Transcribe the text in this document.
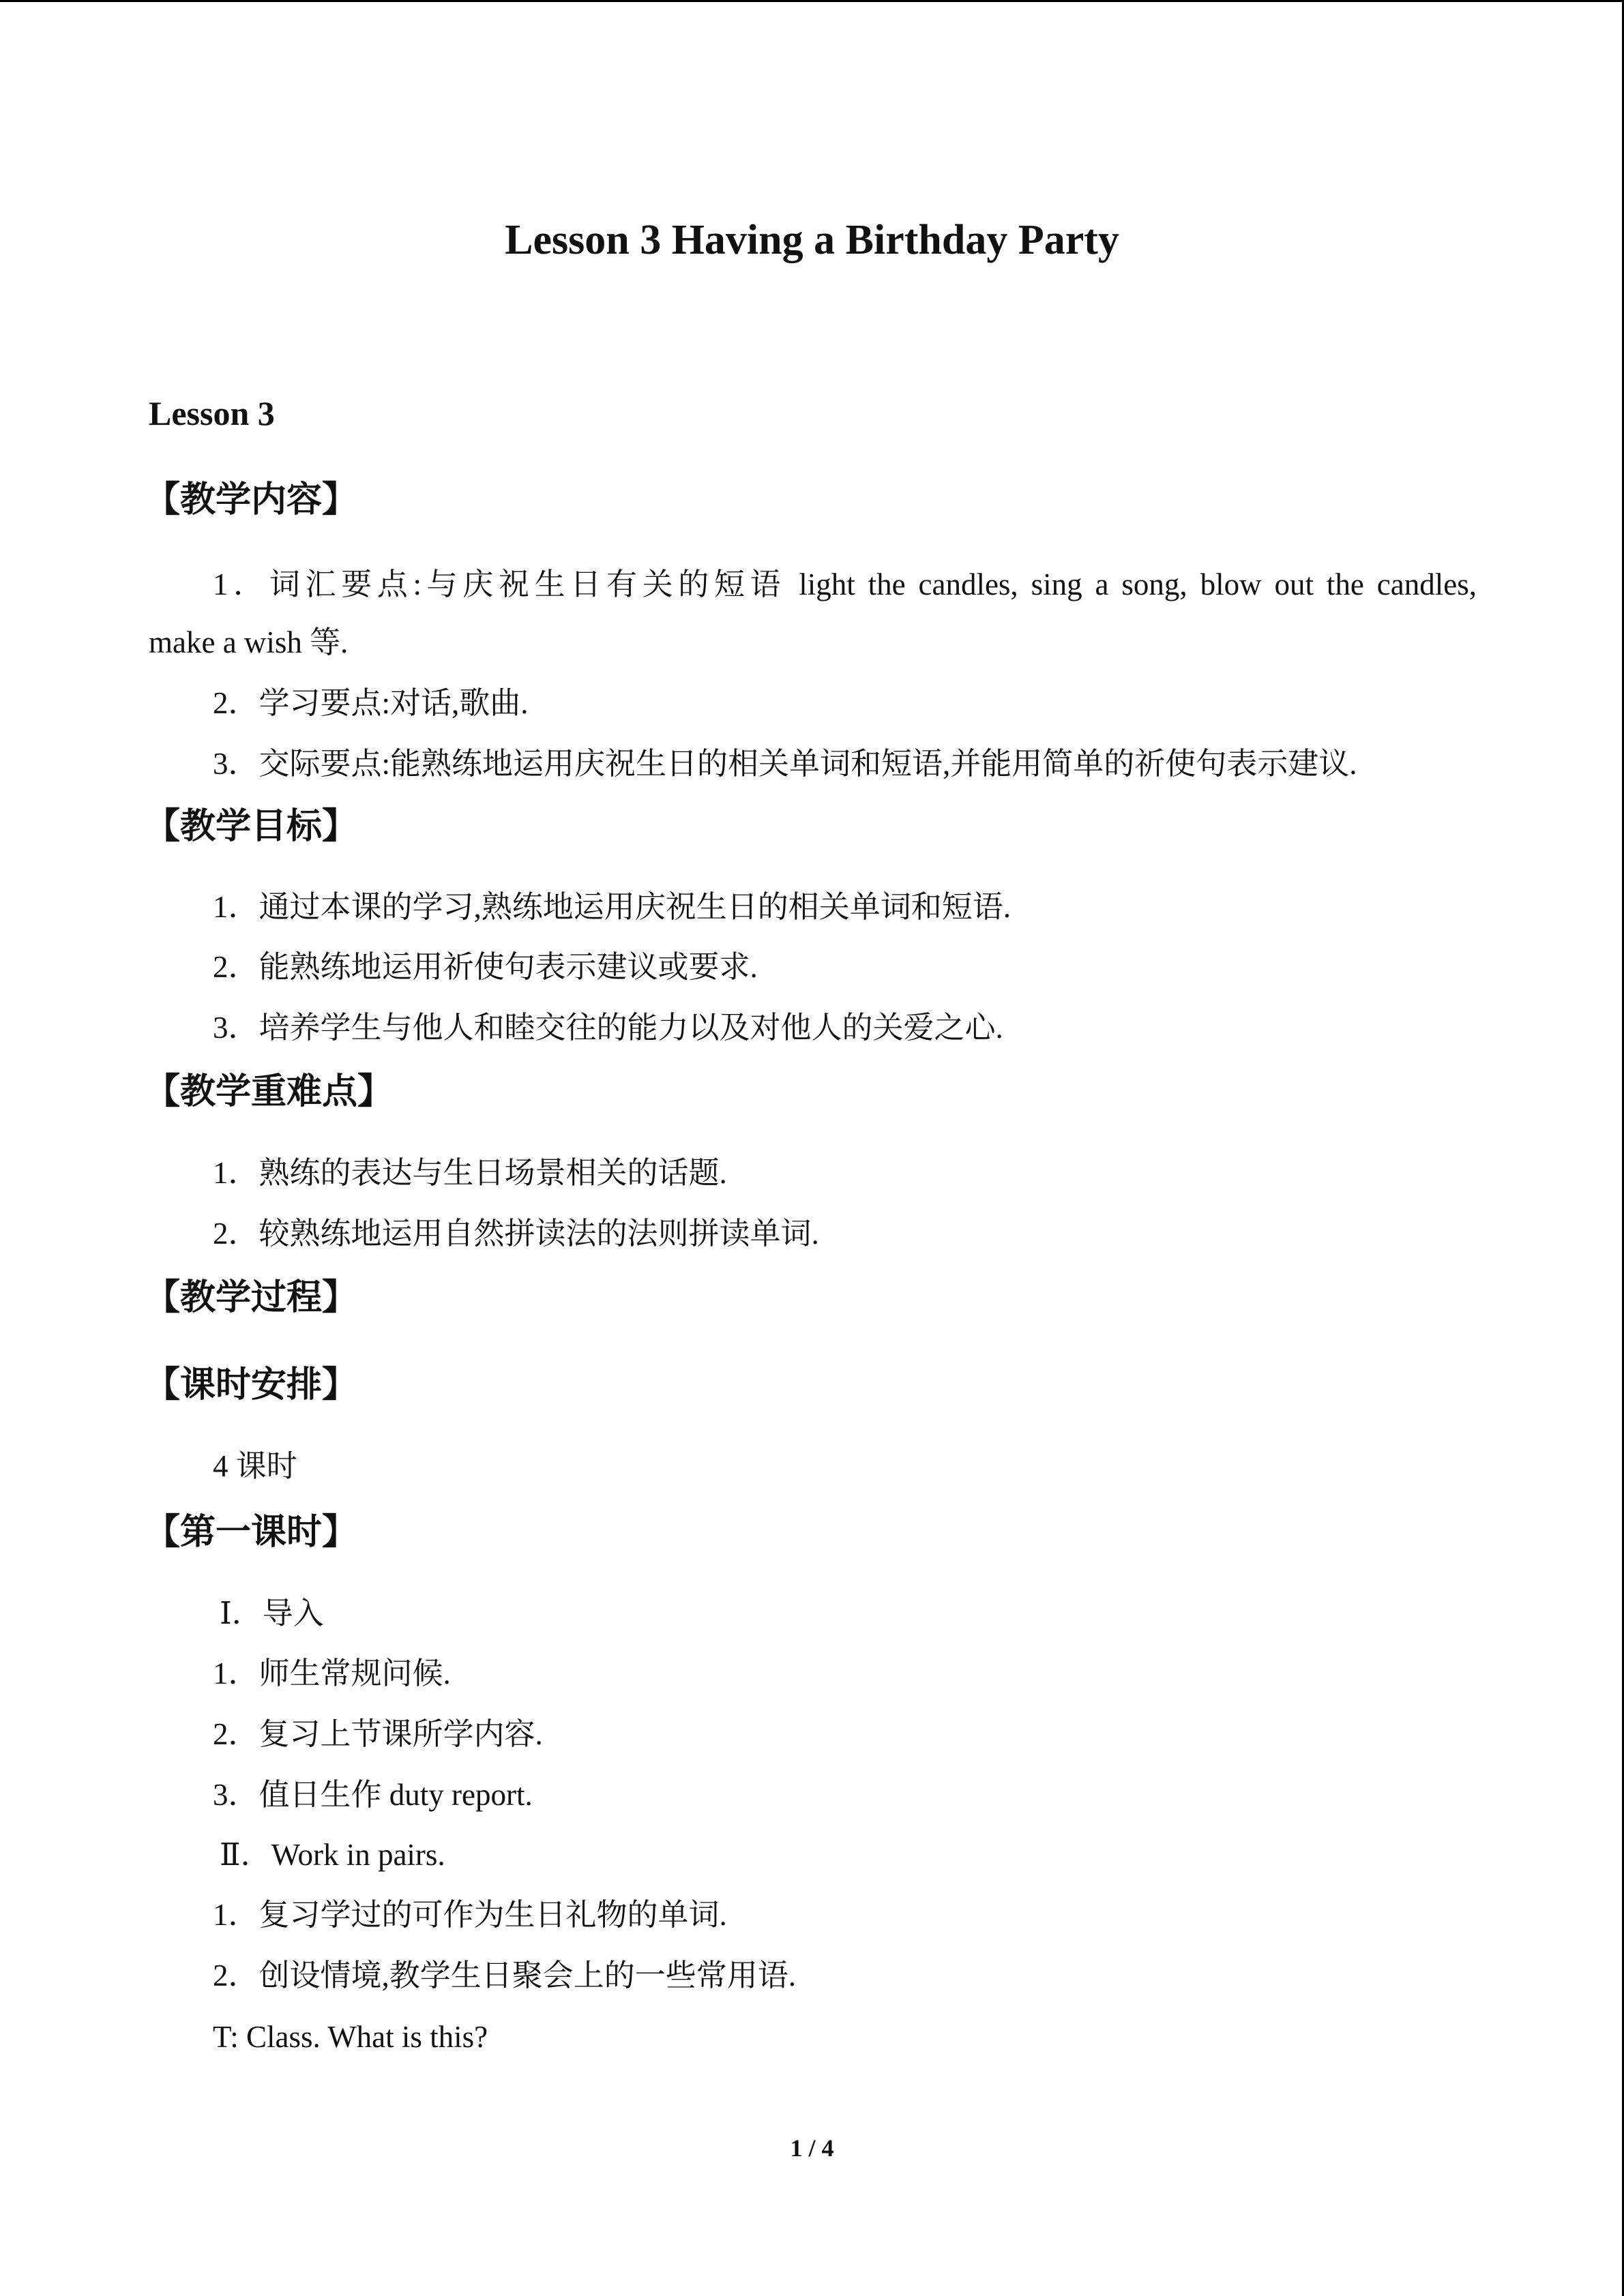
Lesson 3 Having a Birthday Party
Lesson 3
【教学内容】

1．词汇要点:与庆祝生日有关的短语 light the candles, sing a song, blow out the candles,

make a wish 等.

2．学习要点:对话,歌曲.

3．交际要点:能熟练地运用庆祝生日的相关单词和短语,并能用简单的祈使句表示建议.

【教学目标】

1．通过本课的学习,熟练地运用庆祝生日的相关单词和短语.

2．能熟练地运用祈使句表示建议或要求.

3．培养学生与他人和睦交往的能力以及对他人的关爱之心.

【教学重难点】

1．熟练的表达与生日场景相关的话题.

2．较熟练地运用自然拼读法的法则拼读单词.

【教学过程】
【课时安排】

4 课时

【第一课时】

Ⅰ．导入

1．师生常规问候.

2．复习上节课所学内容.

3．值日生作 duty report.

Ⅱ．Work in pairs.

1．复习学过的可作为生日礼物的单词.

2．创设情境,教学生日聚会上的一些常用语.

T: Class. What is this?

1 / 4
